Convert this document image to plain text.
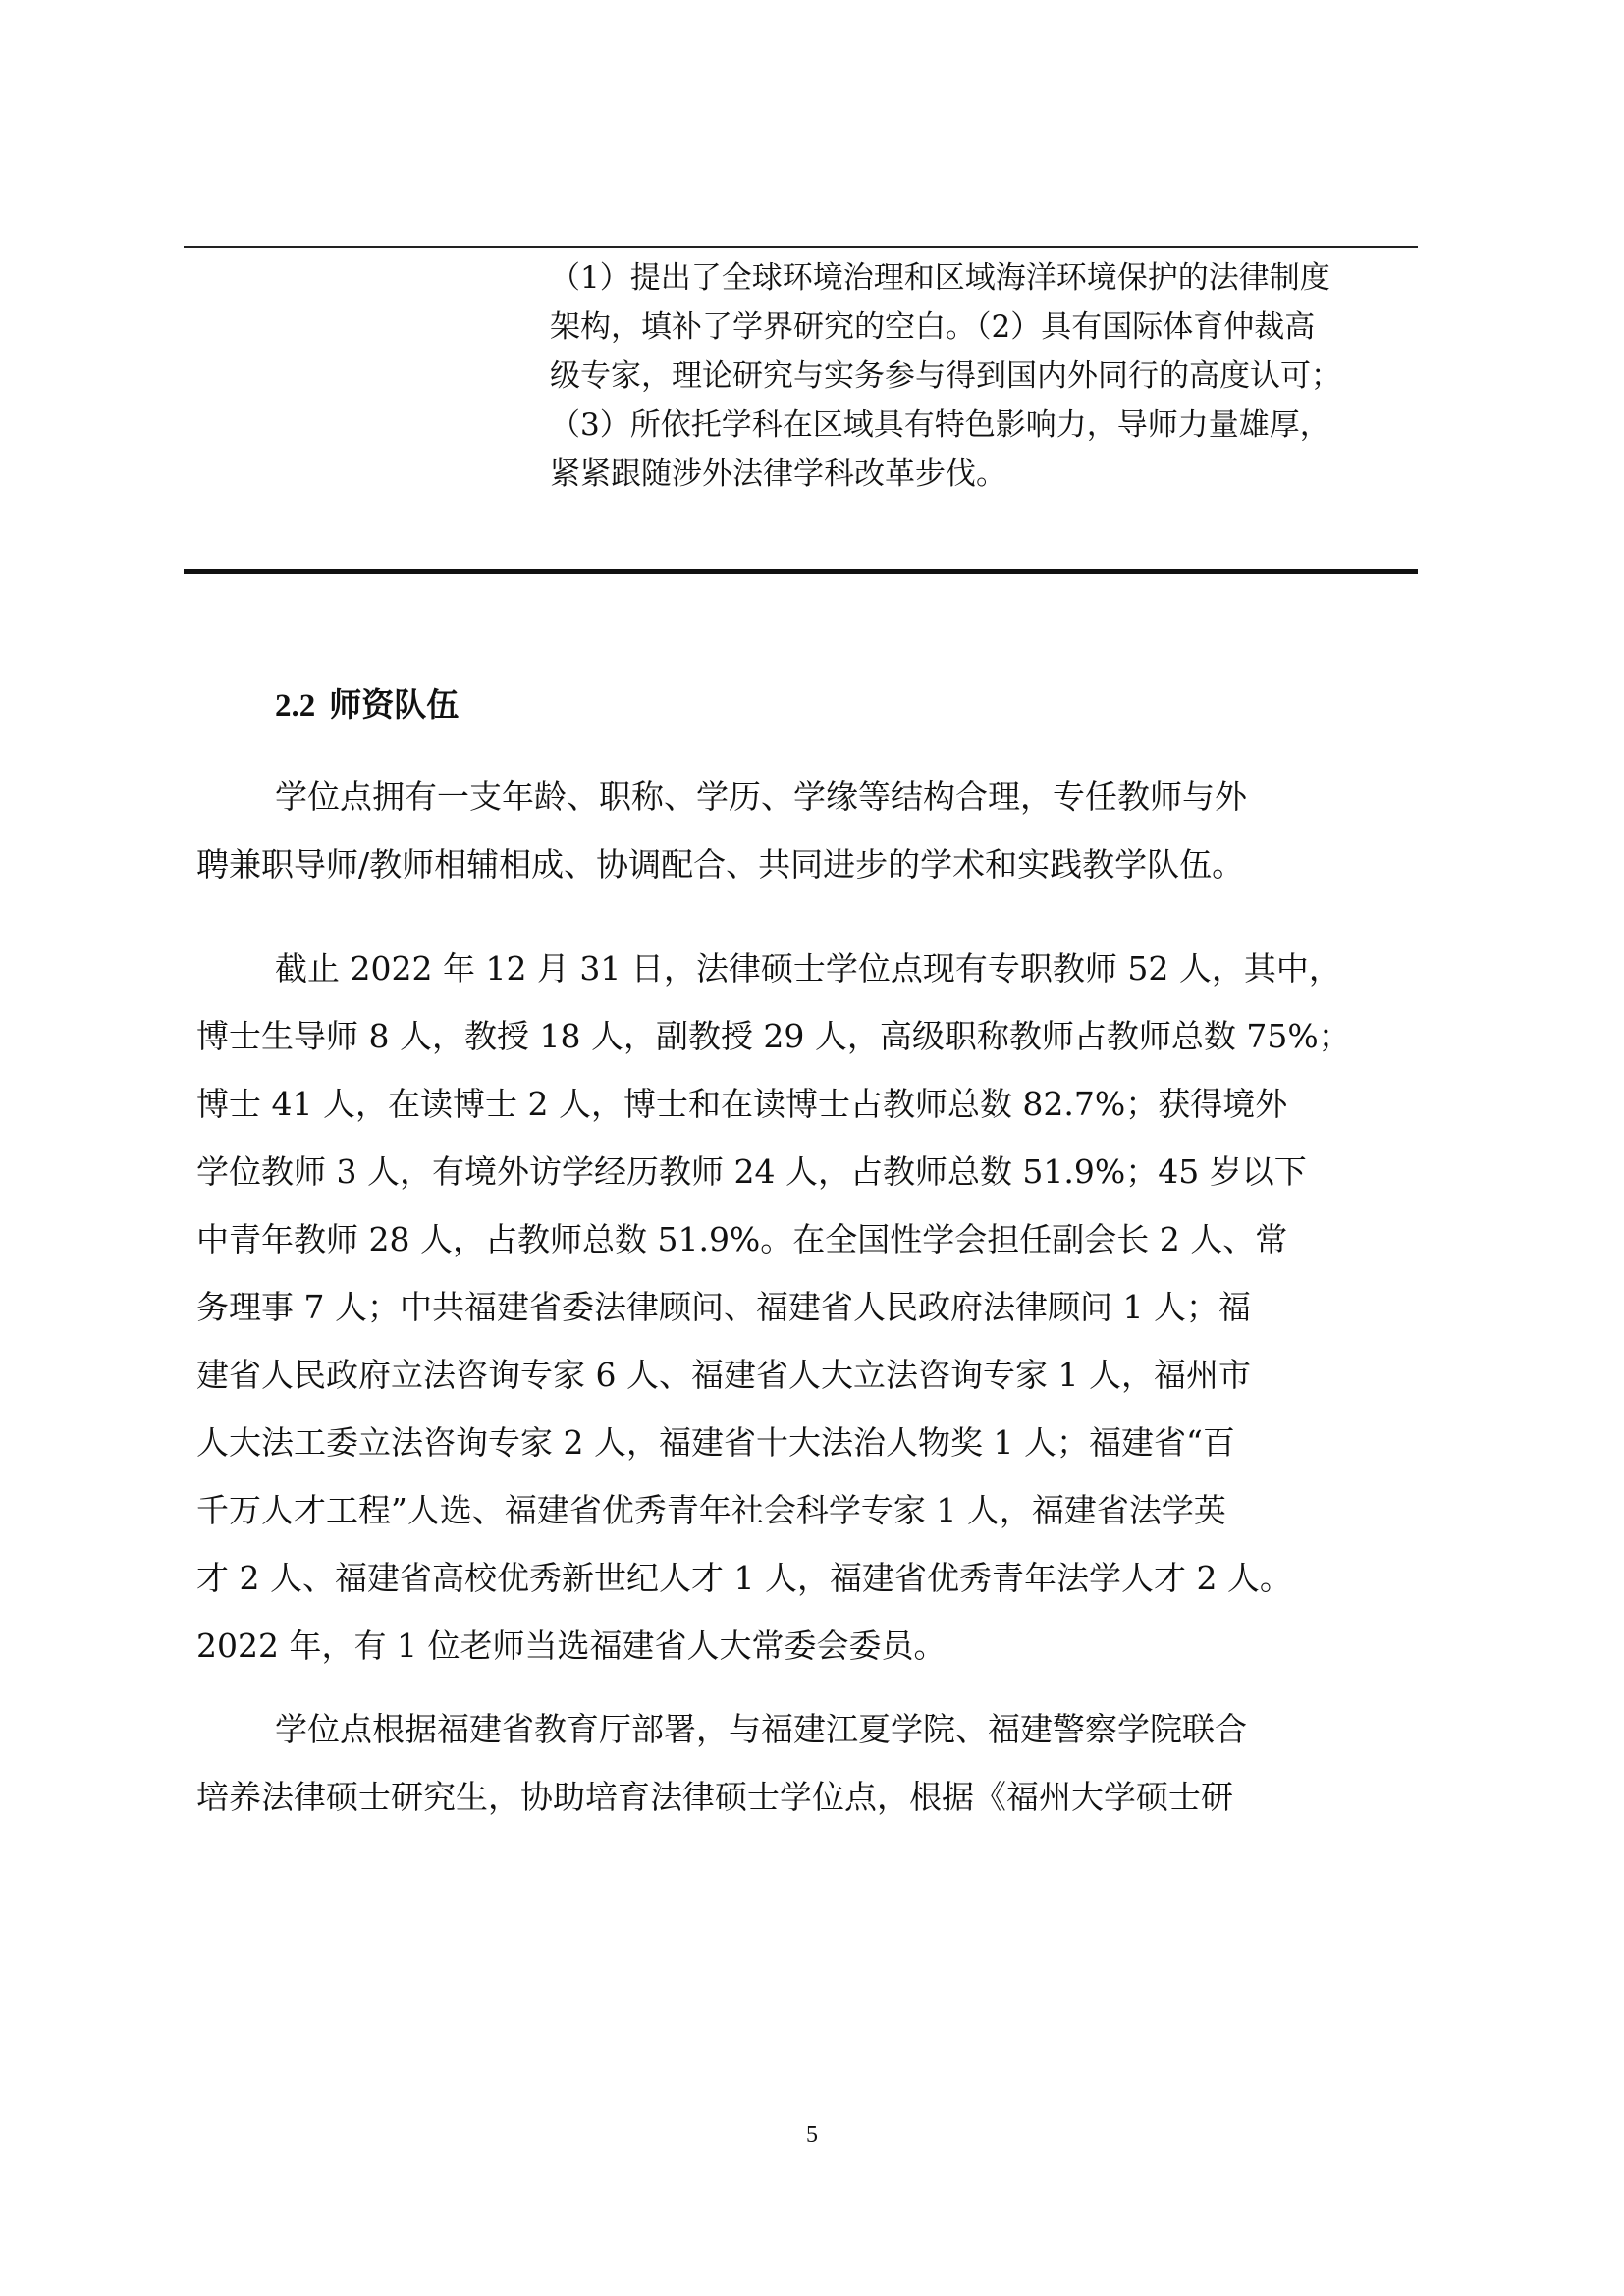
（1）提出了全球环境治理和区域海洋环境保护的法律制度
架构，填补了学界研究的空白。（2）具有国际体育仲裁高
级专家，理论研究与实务参与得到国内外同行的高度认可；
（3）所依托学科在区域具有特色影响力，导师力量雄厚，
紧紧跟随涉外法律学科改革步伐。
2.2 师资队伍
学位点拥有一支年龄、职称、学历、学缘等结构合理，专任教师与外
聘兼职导师/教师相辅相成、协调配合、共同进步的学术和实践教学队伍。
截止 2022 年 12 月 31 日，法律硕士学位点现有专职教师 52 人，其中，
博士生导师 8 人，教授 18 人，副教授 29 人，高级职称教师占教师总数 75%；
博士 41 人，在读博士 2 人，博士和在读博士占教师总数 82.7%；获得境外
学位教师 3 人，有境外访学经历教师 24 人，占教师总数 51.9%；45 岁以下
中青年教师 28 人，占教师总数 51.9%。在全国性学会担任副会长 2 人、常
务理事 7 人；中共福建省委法律顾问、福建省人民政府法律顾问 1 人；福
建省人民政府立法咨询专家 6 人、福建省人大立法咨询专家 1 人，福州市
人大法工委立法咨询专家 2 人，福建省十大法治人物奖 1 人；福建省“百
千万人才工程”人选、福建省优秀青年社会科学专家 1 人，福建省法学英
才 2 人、福建省高校优秀新世纪人才 1 人，福建省优秀青年法学人才 2 人。
2022 年，有 1 位老师当选福建省人大常委会委员。
学位点根据福建省教育厅部署，与福建江夏学院、福建警察学院联合
培养法律硕士研究生，协助培育法律硕士学位点，根据《福州大学硕士研
5
